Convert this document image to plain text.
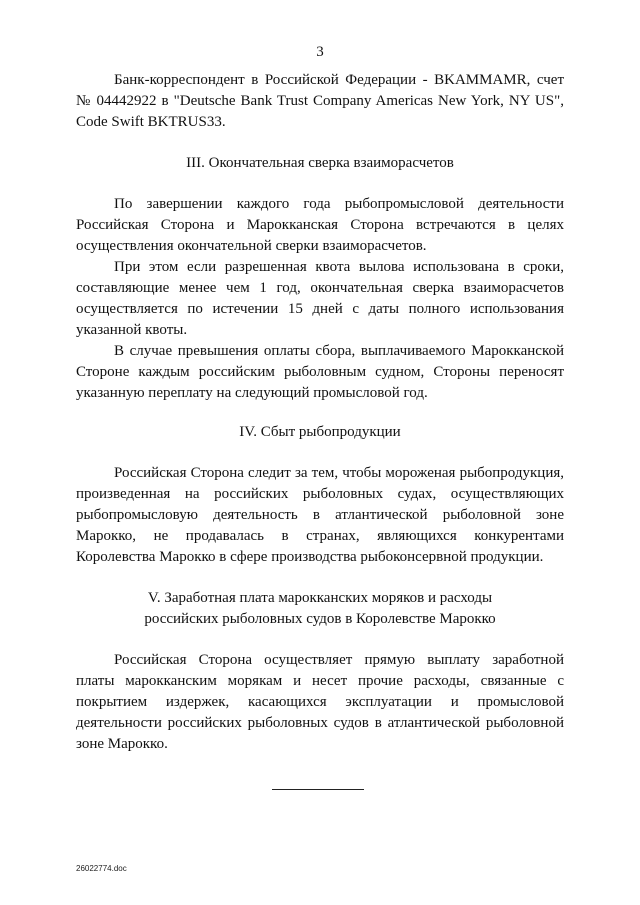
3

Банк-корреспондент в Российской Федерации - BKAMMAMR, счет № 04442922 в "Deutsche Bank Trust Company Americas New York, NY US", Code Swift BKTRUS33.

III. Окончательная сверка взаиморасчетов

По завершении каждого года рыбопромысловой деятельности Российская Сторона и Марокканская Сторона встречаются в целях осуществления окончательной сверки взаиморасчетов.

При этом если разрешенная квота вылова использована в сроки, составляющие менее чем 1 год, окончательная сверка взаиморасчетов осуществляется по истечении 15 дней с даты полного использования указанной квоты.

В случае превышения оплаты сбора, выплачиваемого Марокканской Стороне каждым российским рыболовным судном, Стороны переносят указанную переплату на следующий промысловой год.

IV. Сбыт рыбопродукции

Российская Сторона следит за тем, чтобы мороженая рыбопродукция, произведенная на российских рыболовных судах, осуществляющих рыбопромысловую деятельность в атлантической рыболовной зоне Марокко, не продавалась в странах, являющихся конкурентами Королевства Марокко в сфере производства рыбоконсервной продукции.

V. Заработная плата марокканских моряков и расходы
российских рыболовных судов в Королевстве Марокко

Российская Сторона осуществляет прямую выплату заработной платы марокканским морякам и несет прочие расходы, связанные с покрытием издержек, касающихся эксплуатации и промысловой деятельности российских рыболовных судов в атлантической рыболовной зоне Марокко.

26022774.doc
